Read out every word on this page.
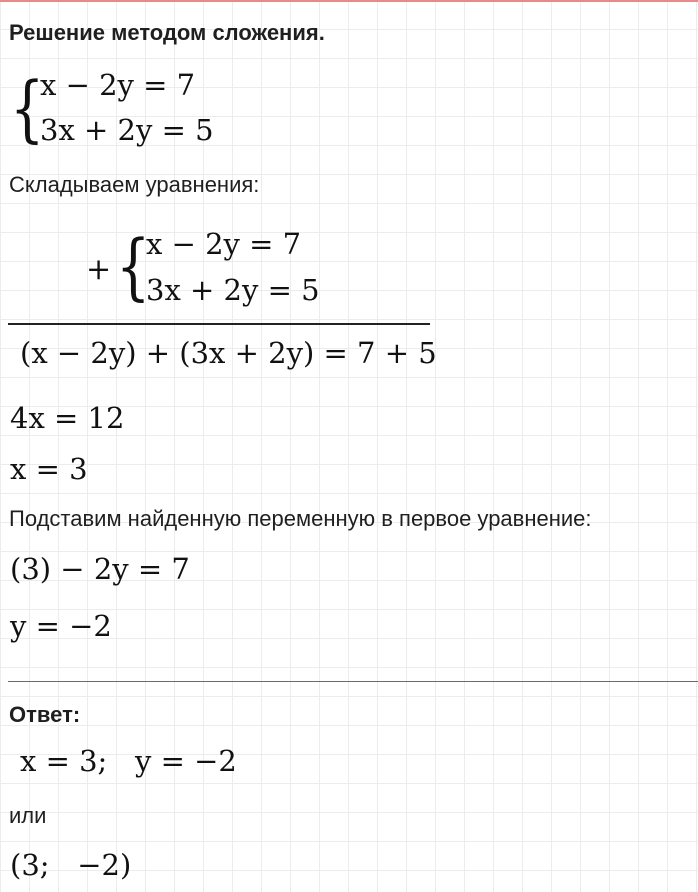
Решение методом сложения.
{
x − 2y = 7
3x + 2y = 5
Складываем уравнения:
+ {
x − 2y = 7
3x + 2y = 5
(x − 2y) + (3x + 2y) = 7 + 5
4x = 12
x = 3
Подставим найденную переменную в первое уравнение:
(3) − 2y = 7
y = −2
Ответ:
x = 3;   y = −2
или
(3;   −2)
